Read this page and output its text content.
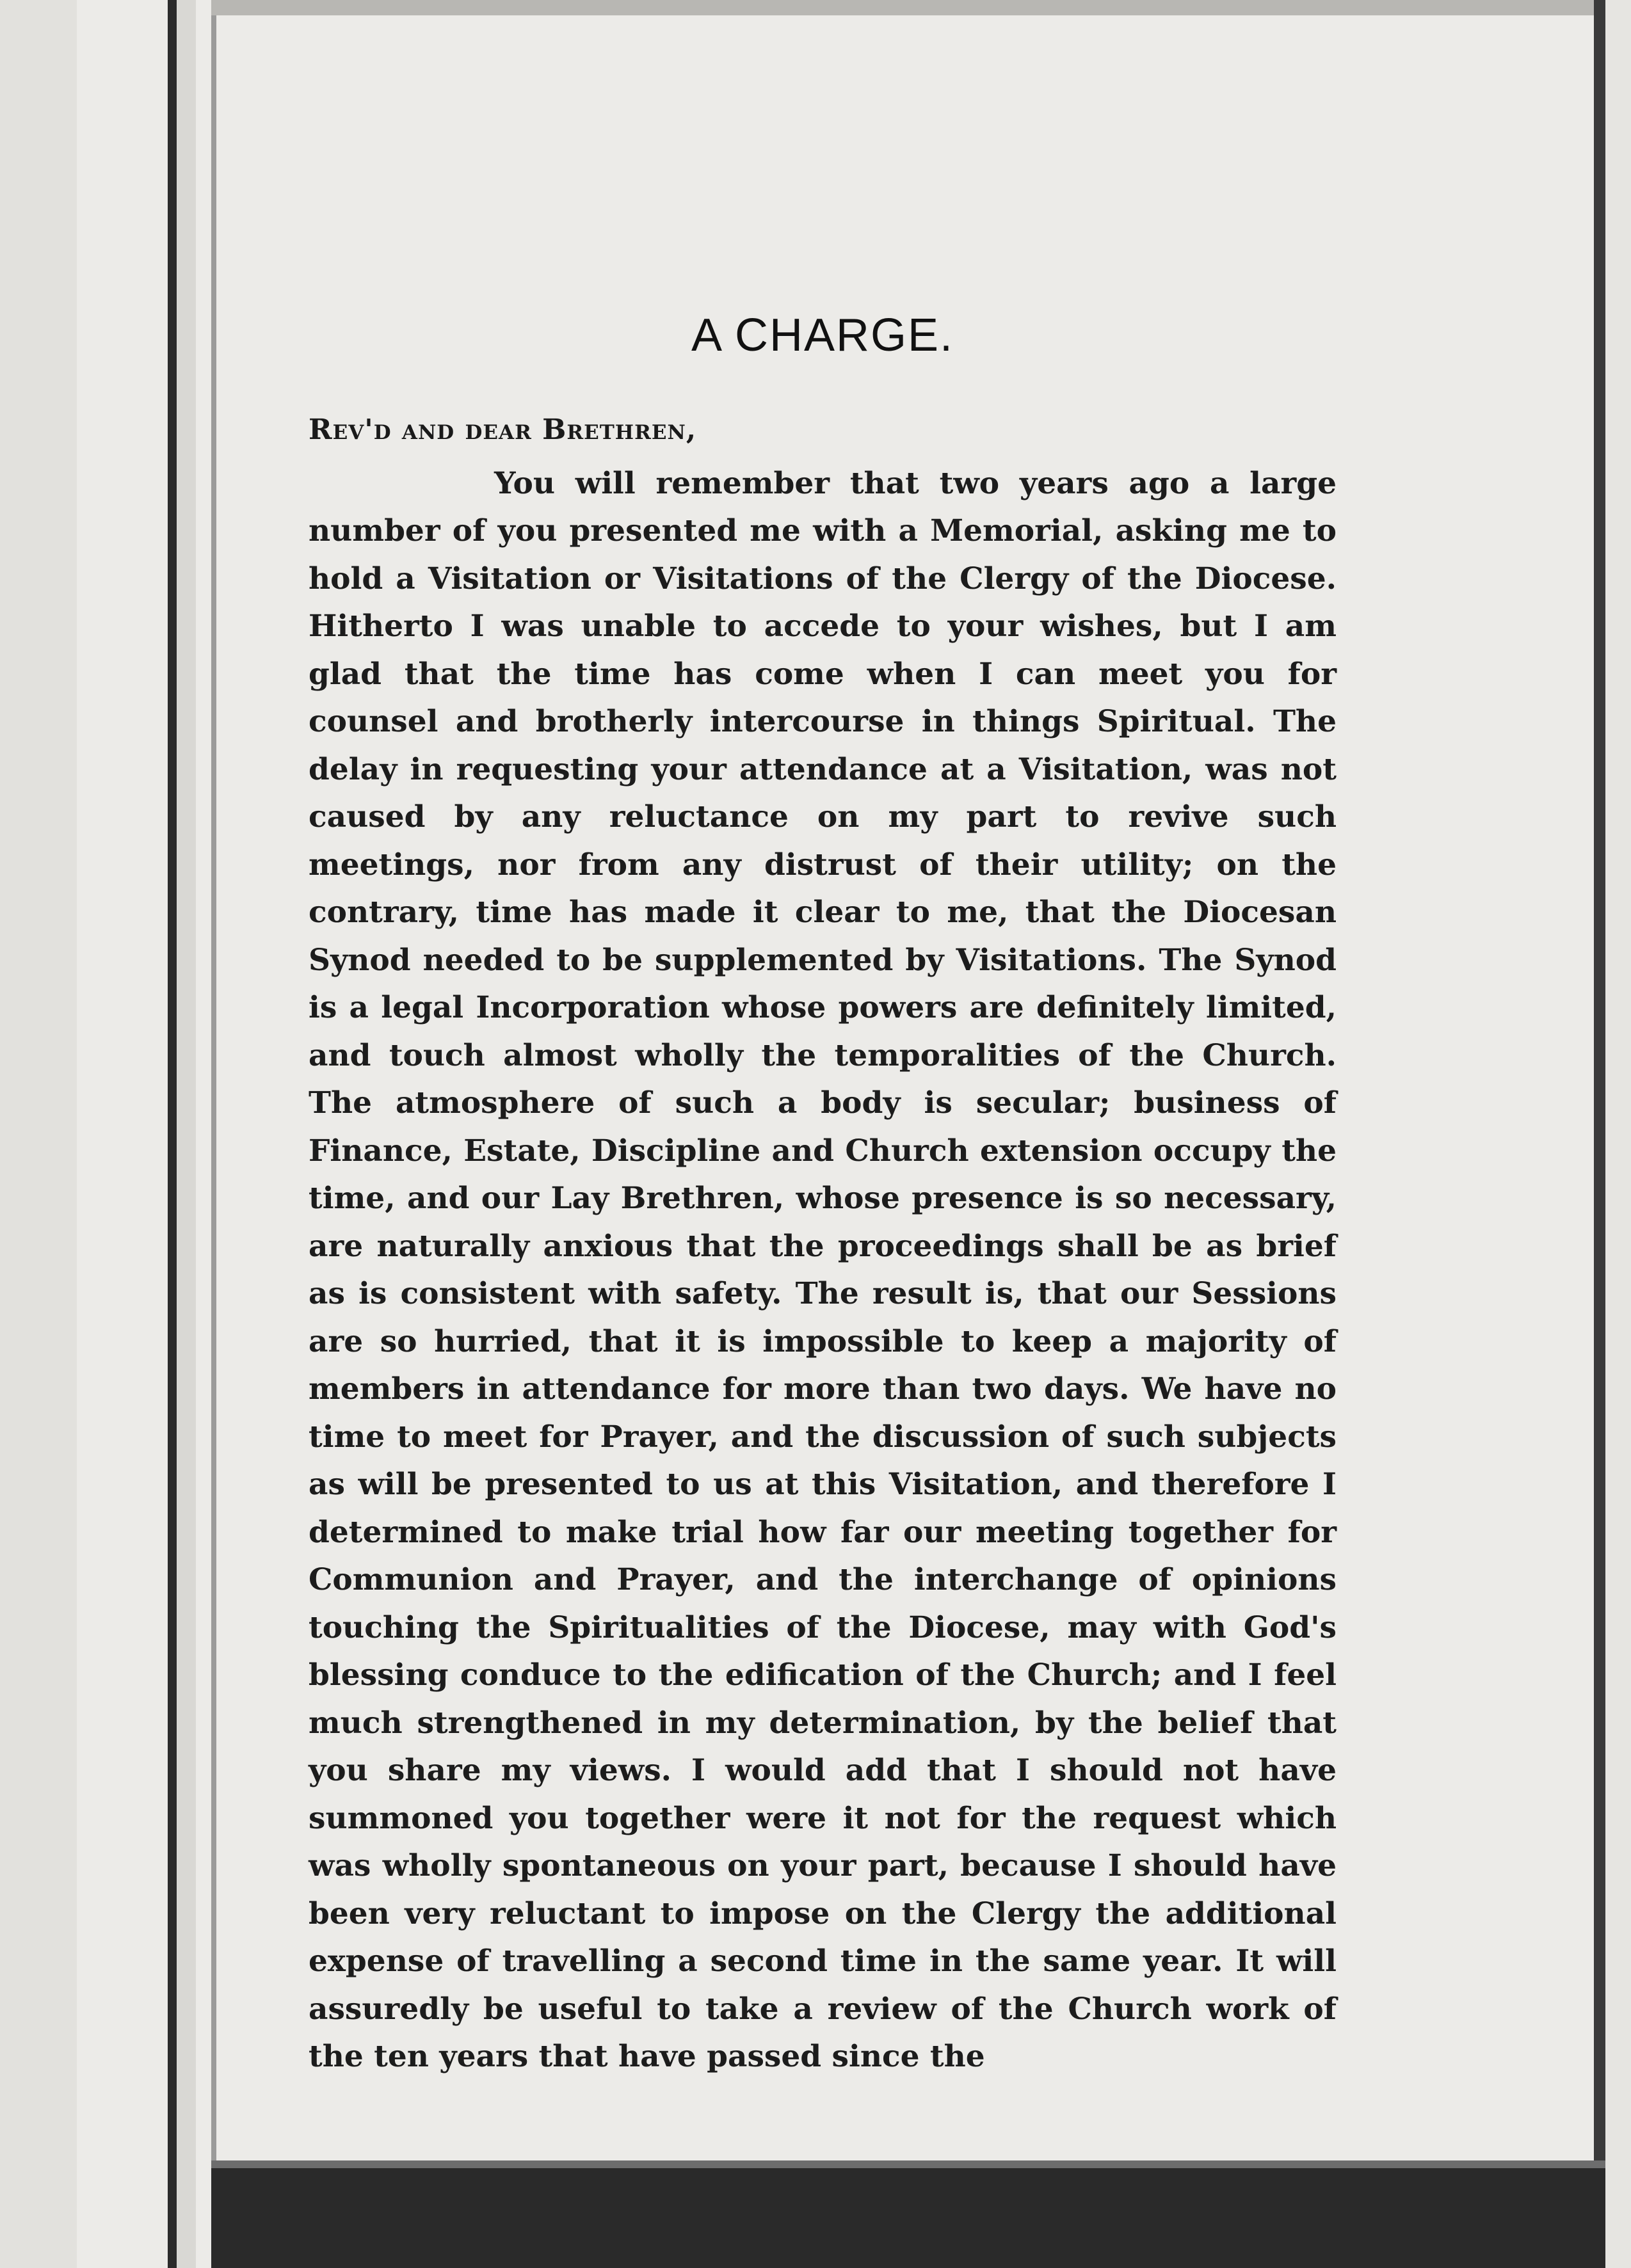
A CHARGE.

Rev'd and dear Brethren,

You will remember that two years ago a large number of you presented me with a Memorial, asking me to hold a Visitation or Visitations of the Clergy of the Diocese. Hitherto I was unable to accede to your wishes, but I am glad that the time has come when I can meet you for counsel and brotherly intercourse in things Spiritual. The delay in requesting your attendance at a Visitation, was not caused by any reluctance on my part to revive such meetings, nor from any distrust of their utility; on the contrary, time has made it clear to me, that the Diocesan Synod needed to be supplemented by Visitations. The Synod is a legal Incorporation whose powers are definitely limited, and touch almost wholly the temporalities of the Church. The atmosphere of such a body is secular; business of Finance, Estate, Discipline and Church extension occupy the time, and our Lay Brethren, whose presence is so necessary, are naturally anxious that the proceedings shall be as brief as is consistent with safety. The result is, that our Sessions are so hurried, that it is impossible to keep a majority of members in attendance for more than two days. We have no time to meet for Prayer, and the discussion of such subjects as will be presented to us at this Visitation, and therefore I determined to make trial how far our meeting together for Communion and Prayer, and the interchange of opinions touching the Spiritualities of the Diocese, may with God's blessing conduce to the edification of the Church; and I feel much strengthened in my determination, by the belief that you share my views. I would add that I should not have summoned you together were it not for the request which was wholly spontaneous on your part, because I should have been very reluctant to impose on the Clergy the additional expense of travelling a second time in the same year. It will assuredly be useful to take a review of the Church work of the ten years that have passed since the
